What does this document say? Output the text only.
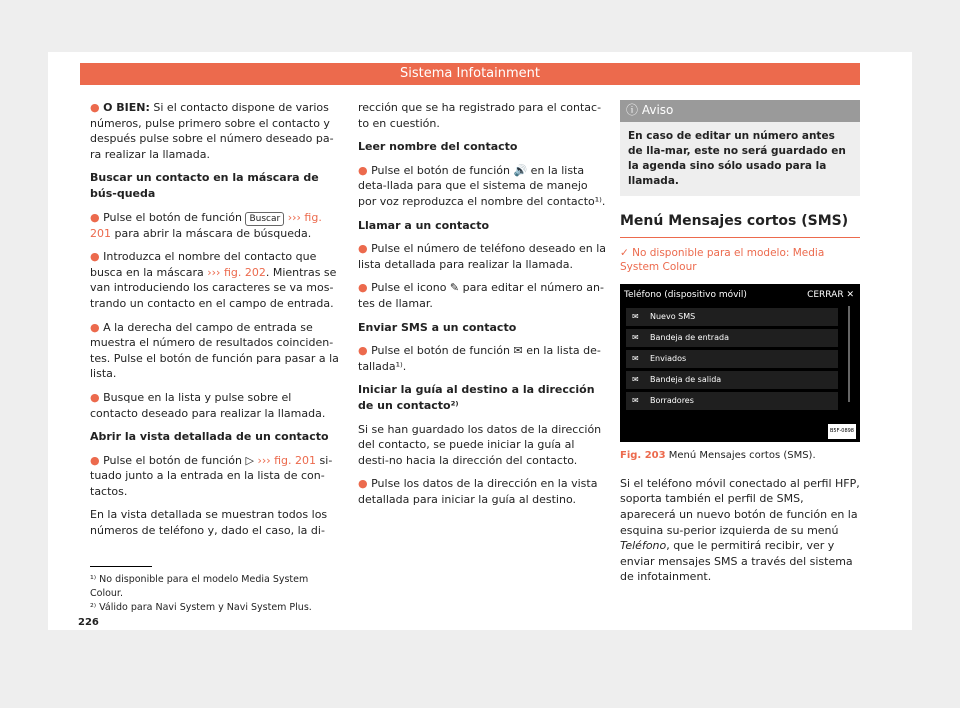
Sistema Infotainment

● O BIEN: Si el contacto dispone de varios números, pulse primero sobre el contacto y después pulse sobre el número deseado pa-ra realizar la llamada.

Buscar un contacto en la máscara de bús-queda

● Pulse el botón de función Buscar ››› fig. 201 para abrir la máscara de búsqueda.

● Introduzca el nombre del contacto que busca en la máscara ››› fig. 202. Mientras se van introduciendo los caracteres se va mos-trando un contacto en el campo de entrada.

● A la derecha del campo de entrada se muestra el número de resultados coinciden-tes. Pulse el botón de función para pasar a la lista.

● Busque en la lista y pulse sobre el contacto deseado para realizar la llamada.

Abrir la vista detallada de un contacto

● Pulse el botón de función ▷ ››› fig. 201 si-tuado junto a la entrada en la lista de con-tactos.

En la vista detallada se muestran todos los números de teléfono y, dado el caso, la di-

rección que se ha registrado para el contac-to en cuestión.

Leer nombre del contacto

● Pulse el botón de función 🔊 en la lista deta-llada para que el sistema de manejo por voz reproduzca el nombre del contacto¹⁾.

Llamar a un contacto

● Pulse el número de teléfono deseado en la lista detallada para realizar la llamada.

● Pulse el icono ✎ para editar el número an-tes de llamar.

Enviar SMS a un contacto

● Pulse el botón de función ✉ en la lista de-tallada¹⁾.

Iniciar la guía al destino a la dirección de un contacto²⁾

Si se han guardado los datos de la dirección del contacto, se puede iniciar la guía al desti-no hacia la dirección del contacto.

● Pulse los datos de la dirección en la vista detallada para iniciar la guía al destino.

ⓘ Aviso
En caso de editar un número antes de lla-mar, este no será guardado en la agenda sino sólo usado para la llamada.
Menú Mensajes cortos (SMS)
✓ No disponible para el modelo: Media System Colour
Teléfono (dispositivo móvil)	CERRAR ✕
✉ Nuevo SMS
✉ Bandeja de entrada
✉ Enviados
✉ Bandeja de salida
✉ Borradores
B5F-0898
Fig. 203 Menú Mensajes cortos (SMS).

Si el teléfono móvil conectado al perfil HFP, soporta también el perfil de SMS, aparecerá un nuevo botón de función en la esquina su-perior izquierda de su menú Teléfono, que le permitirá recibir, ver y enviar mensajes SMS a través del sistema de infotainment.

¹⁾ No disponible para el modelo Media System Colour.
²⁾ Válido para Navi System y Navi System Plus.
226
